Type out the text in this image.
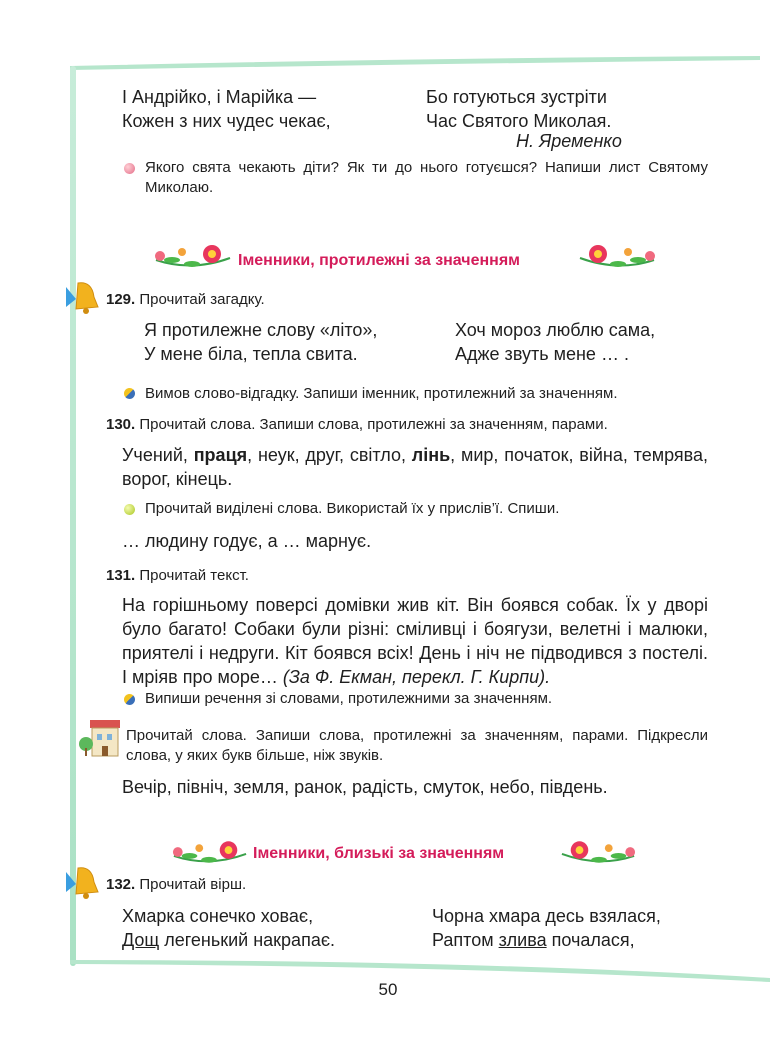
І Андрійко, і Марійка —
Кожен з них чудес чекає,
Бо готуються зустріти
Час Святого Миколая.
Н. Яременко
Якого свята чекають діти? Як ти до нього готуєшся? Напиши лист Святому Миколаю.
Іменники, протилежні за значенням
129. Прочитай загадку.
Я протилежне слову «літо»,
У мене біла, тепла свита.
Хоч мороз люблю сама,
Адже звуть мене … .
Вимов слово-відгадку. Запиши іменник, протилежний за значенням.
130. Прочитай слова. Запиши слова, протилежні за значенням, парами.
Учений, праця, неук, друг, світло, лінь, мир, початок, війна, темрява, ворог, кінець.
Прочитай виділені слова. Використай їх у прислів’ї. Спиши.
… людину годує, а … марнує.
131. Прочитай текст.
На горішньому поверсі домівки жив кіт. Він боявся собак. Їх у дворі було багато! Собаки були різні: сміливці і боягузи, велетні і малюки, приятелі і недруги. Кіт боявся всіх! День і ніч не підводився з постелі. І мріяв про море… (За Ф. Екман, перекл. Г. Кирпи).
Випиши речення зі словами, протилежними за значенням.
Прочитай слова. Запиши слова, протилежні за значенням, парами. Підкресли слова, у яких букв більше, ніж звуків.
Вечір, північ, земля, ранок, радість, смуток, небо, південь.
Іменники, близькі за значенням
132. Прочитай вірш.
Хмарка сонечко ховає,
Дощ легенький накрапає.
Чорна хмара десь взялася,
Раптом злива почалася,
50
